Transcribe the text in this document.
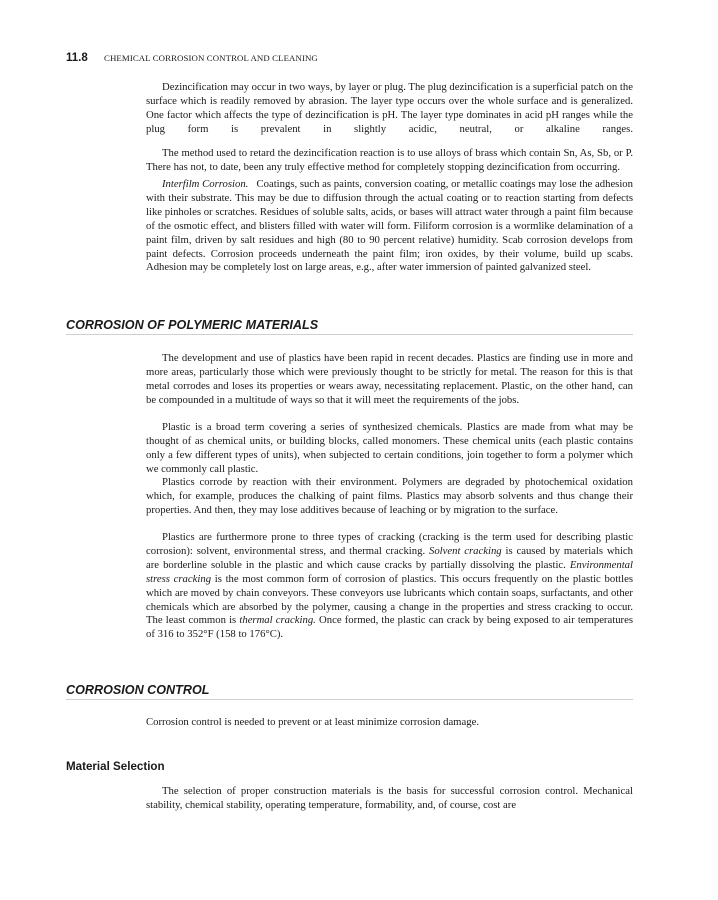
11.8	CHEMICAL CORROSION CONTROL AND CLEANING

Dezincification may occur in two ways, by layer or plug. The plug dezincification is a superficial patch on the surface which is readily removed by abrasion. The layer type occurs over the whole surface and is generalized. One factor which affects the type of dezincification is pH. The layer type dominates in acid pH ranges while the plug form is prevalent in slightly acidic, neutral, or alkaline ranges.

The method used to retard the dezincification reaction is to use alloys of brass which contain Sn, As, Sb, or P. There has not, to date, been any truly effective method for completely stopping dezincification from occurring.

Interfilm Corrosion. Coatings, such as paints, conversion coating, or metallic coatings may lose the adhesion with their substrate. This may be due to diffusion through the actual coating or to reaction starting from defects like pinholes or scratches. Residues of soluble salts, acids, or bases will attract water through a paint film because of the osmotic effect, and blisters filled with water will form. Filiform corrosion is a wormlike delamination of a paint film, driven by salt residues and high (80 to 90 percent relative) humidity. Scab corrosion develops from paint defects. Corrosion proceeds underneath the paint film; iron oxides, by their volume, build up scabs. Adhesion may be completely lost on large areas, e.g., after water immersion of painted galvanized steel.

CORROSION OF POLYMERIC MATERIALS

The development and use of plastics have been rapid in recent decades. Plastics are finding use in more and more areas, particularly those which were previously thought to be strictly for metal. The reason for this is that metal corrodes and loses its properties or wears away, necessitating replacement. Plastic, on the other hand, can be compounded in a multitude of ways so that it will meet the requirements of the jobs.

Plastic is a broad term covering a series of synthesized chemicals. Plastics are made from what may be thought of as chemical units, or building blocks, called monomers. These chemical units (each plastic contains only a few different types of units), when subjected to certain conditions, join together to form a polymer which we commonly call plastic.

Plastics corrode by reaction with their environment. Polymers are degraded by photochemical oxidation which, for example, produces the chalking of paint films. Plastics may absorb solvents and thus change their properties. And then, they may lose additives because of leaching or by migration to the surface.

Plastics are furthermore prone to three types of cracking (cracking is the term used for describing plastic corrosion): solvent, environmental stress, and thermal cracking. Solvent cracking is caused by materials which are borderline soluble in the plastic and which cause cracks by partially dissolving the plastic. Environmental stress cracking is the most common form of corrosion of plastics. This occurs frequently on the plastic bottles which are moved by chain conveyors. These conveyors use lubricants which contain soaps, surfactants, and other chemicals which are absorbed by the polymer, causing a change in the properties and stress cracking to occur. The least common is thermal cracking. Once formed, the plastic can crack by being exposed to air temperatures of 316 to 352°F (158 to 176°C).

CORROSION CONTROL

Corrosion control is needed to prevent or at least minimize corrosion damage.

Material Selection

The selection of proper construction materials is the basis for successful corrosion control. Mechanical stability, chemical stability, operating temperature, formability, and, of course, cost are
